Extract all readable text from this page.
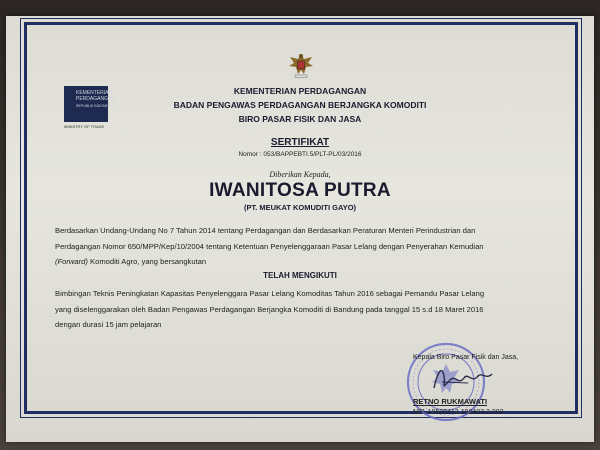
KEMENTERIAN
PERDAGANGAN
REPUBLIK INDONESIA
MINISTRY OF TRADE
KEMENTERIAN PERDAGANGAN
BADAN PENGAWAS PERDAGANGAN BERJANGKA KOMODITI
SERTIFIKAT
BIRO PASAR FISIK DAN JASA
Nomor : 053/BAPPEBTI.5/PLT-PL/03/2016
Diberikan Kepada,
IWANITOSA PUTRA
(PT. MEUKAT KOMUDITI GAYO)
Berdasarkan Undang-Undang No 7 Tahun 2014 tentang Perdagangan dan Berdasarkan Peraturan Menteri Perindustrian dan
Perdagangan Nomor 650/MPP/Kep/10/2004 tentang Ketentuan Penyelenggaraan Pasar Lelang dengan Penyerahan Kemudian
(Forward) Komoditi Agro, yang bersangkutan
TELAH MENGIKUTI
Bimbingan Teknis Peningkatan Kapasitas Penyelenggara Pasar Lelang Komoditas Tahun 2016 sebagai Pemandu Pasar Lelang
yang diselenggarakan oleh Badan Pengawas Perdagangan Berjangka Komoditi di Bandung pada tanggal 15 s.d 18 Maret 2016
dengan durasi 15 jam pelajaran
Kepala Biro Pasar Fisik dan Jasa,
RETNO RUKMAWATI
NIP. 19590413.198403.2.002
